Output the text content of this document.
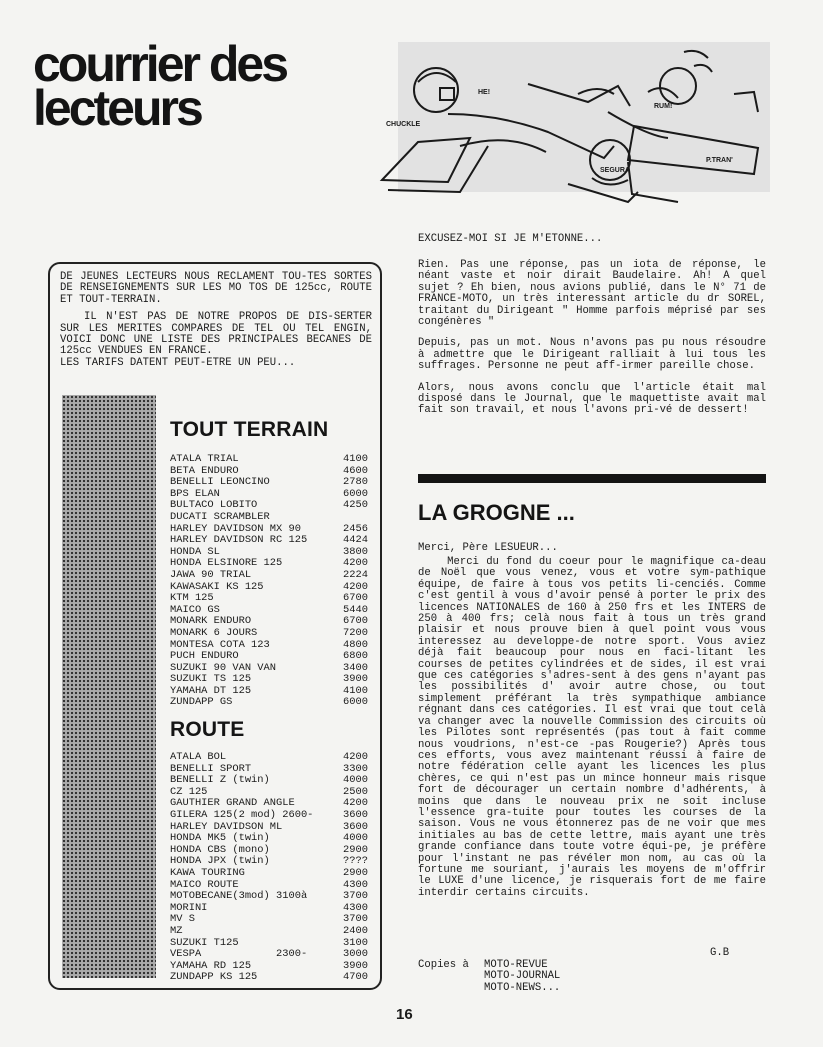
courrier des
lecteurs	HE!
CHUCKLE
RUM!
SEGURA
P.TRAN'

DE JEUNES LECTEURS NOUS RECLAMENT TOU-TES SORTES DE RENSEIGNEMENTS SUR LES MO TOS DE 125cc, ROUTE ET TOUT-TERRAIN.

IL N'EST PAS DE NOTRE PROPOS DE DIS-SERTER SUR LES MERITES COMPARES DE TEL OU TEL ENGIN, VOICI DONC UNE LISTE DES PRINCIPALES BECANES DE 125cc VENDUES EN FRANCE.

LES TARIFS DATENT PEUT-ETRE UN PEU...

TOUT TERRAIN
ATALA TRIAL	4100
BETA ENDURO	4600
BENELLI LEONCINO	2780
BPS ELAN	6000
BULTACO LOBITO	4250
DUCATI SCRAMBLER
HARLEY DAVIDSON MX 90	2456
HARLEY DAVIDSON RC 125	4424
HONDA SL	3800
HONDA ELSINORE 125	4200
JAWA 90 TRIAL	2224
KAWASAKI KS 125	4200
KTM 125	6700
MAICO GS	5440
MONARK ENDURO	6700
MONARK 6 JOURS	7200
MONTESA COTA 123	4800
PUCH ENDURO	6800
SUZUKI 90 VAN VAN	3400
SUZUKI TS 125	3900
YAMAHA DT 125	4100
ZUNDAPP GS	6000
ROUTE
ATALA BOL	4200
BENELLI SPORT	3300
BENELLI Z (twin)	4000
CZ 125	2500
GAUTHIER GRAND ANGLE	4200
GILERA 125(2 mod) 2600-	3600
HARLEY DAVIDSON ML	3600
HONDA MK5 (twin)	4000
HONDA CBS (mono)	2900
HONDA JPX (twin)	????
KAWA TOURING	2900
MAICO ROUTE	4300
MOTOBECANE(3mod) 3100à	3700
MORINI	4300
MV S	3700
MZ	2400
SUZUKI T125	3100
VESPA            2300-	3000
YAMAHA RD 125	3900
ZUNDAPP KS 125	4700
EXCUSEZ-MOI SI JE M'ETONNE...

Rien. Pas une réponse, pas un iota de réponse, le néant vaste et noir dirait Baudelaire. Ah! A quel sujet ? Eh bien, nous avions publié, dans le N° 71 de FRANCE-MOTO, un très interessant article du dr SOREL, traitant du Dirigeant " Homme parfois méprisé par ses congénères "

Depuis, pas un mot. Nous n'avons pas pu nous résoudre à admettre que le Dirigeant ralliait à lui tous les suffrages. Personne ne peut aff-irmer pareille chose.

Alors, nous avons conclu que l'article était mal disposé dans le Journal, que le maquettiste avait mal fait son travail, et nous l'avons pri-vé de dessert!

LA GROGNE ...
Merci, Père LESUEUR...

Merci du fond du coeur pour le magnifique ca-deau de Noël que vous venez, vous et votre sym-pathique équipe, de faire à tous vos petits li-cenciés. Comme c'est gentil à vous d'avoir pensé à porter le prix des licences NATIONALES de 160 à 250 frs et les INTERS de 250 à 400 frs; celà nous fait à tous un très grand plaisir et nous prouve bien à quel point vous vous interessez au developpe-de notre sport. Vous aviez déjà fait beaucoup pour nous en faci-litant les courses de petites cylindrées et de sides, il est vrai que ces catégories s'adres-sent à des gens n'ayant pas les possibilités d' avoir autre chose, ou tout simplement préférant la très sympathique ambiance régnant dans ces catégories. Il est vrai que tout celà va changer avec la nouvelle Commission des circuits où les Pilotes sont représentés (pas tout à fait comme nous voudrions, n'est-ce -pas Rougerie?) Après tous ces efforts, vous avez maintenant réussi à faire de notre fédération celle ayant les licences les plus chères, ce qui n'est pas un mince honneur mais risque fort de décourager un certain nombre d'adhérents, à moins que dans le nouveau prix ne soit incluse l'essence gra-tuite pour toutes les courses de la saison. Vous ne vous étonnerez pas de ne voir que mes initiales au bas de cette lettre, mais ayant une très grande confiance dans toute votre équi-pe, je préfère pour l'instant ne pas révéler mon nom, au cas où la fortune me souriant, j'aurais les moyens de m'offrir le LUXE d'une licence, je risquerais fort de me faire interdir certains circuits.

G.B
Copies à	MOTO-REVUE
MOTO-JOURNAL
MOTO-NEWS...
16
